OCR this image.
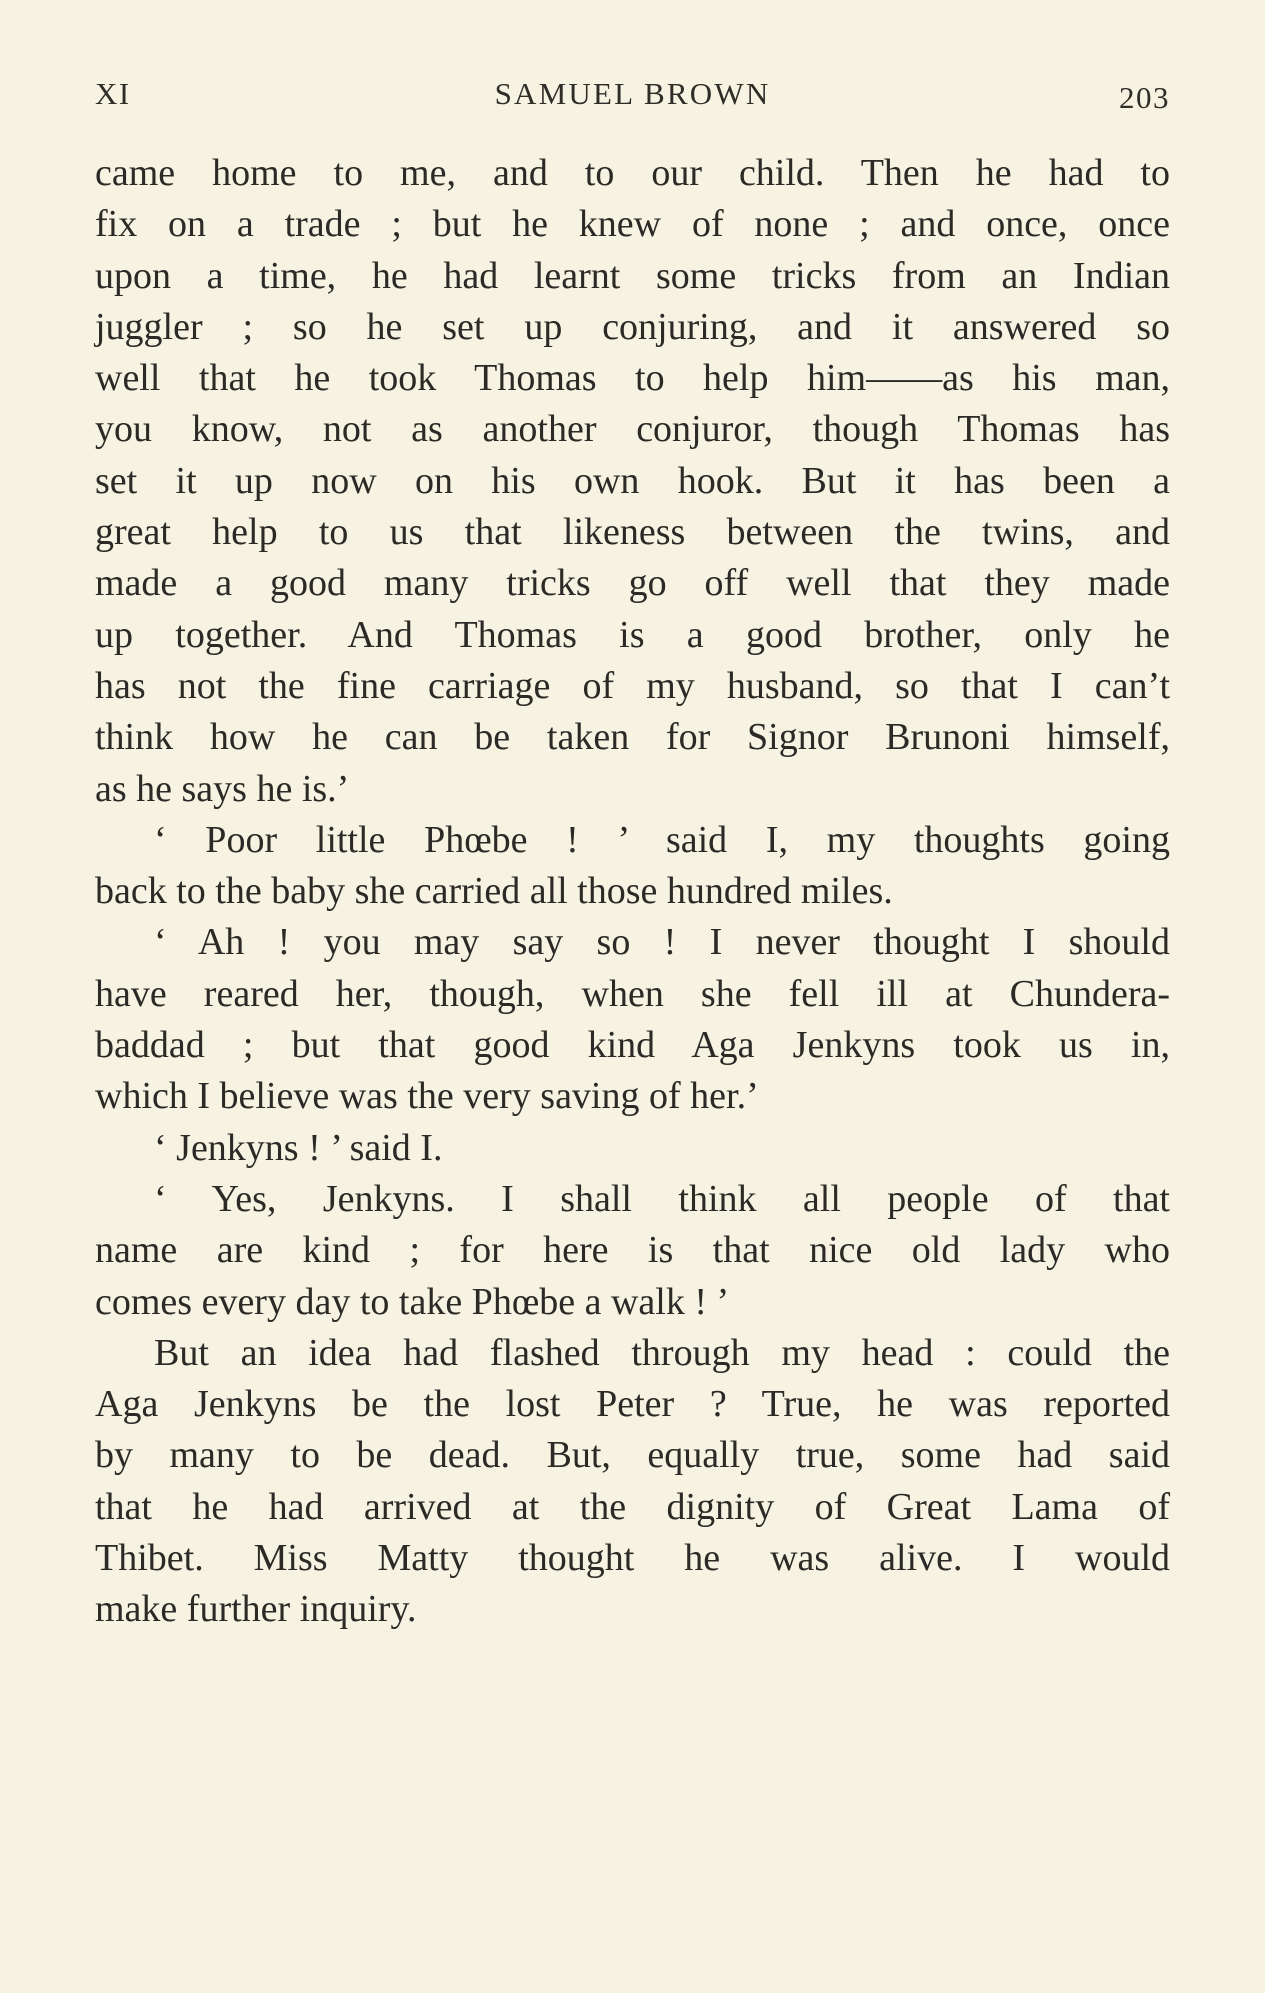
XI	SAMUEL BROWN	203
came home to me, and to our child. Then he had to
fix on a trade ; but he knew of none ; and once, once
upon a time, he had learnt some tricks from an Indian
juggler ; so he set up conjuring, and it answered so
well that he took Thomas to help him——as his man,
you know, not as another conjuror, though Thomas has
set it up now on his own hook. But it has been a
great help to us that likeness between the twins, and
made a good many tricks go off well that they made
up together. And Thomas is a good brother, only he
has not the fine carriage of my husband, so that I can’t
think how he can be taken for Signor Brunoni himself,
as he says he is.’
‘ Poor little Phœbe ! ’ said I, my thoughts going
back to the baby she carried all those hundred miles.
‘ Ah ! you may say so ! I never thought I should
have reared her, though, when she fell ill at Chundera-
baddad ; but that good kind Aga Jenkyns took us in,
which I believe was the very saving of her.’
‘ Jenkyns ! ’ said I.
‘ Yes, Jenkyns. I shall think all people of that
name are kind ; for here is that nice old lady who
comes every day to take Phœbe a walk ! ’
But an idea had flashed through my head : could the
Aga Jenkyns be the lost Peter ? True, he was reported
by many to be dead. But, equally true, some had said
that he had arrived at the dignity of Great Lama of
Thibet. Miss Matty thought he was alive. I would
make further inquiry.
